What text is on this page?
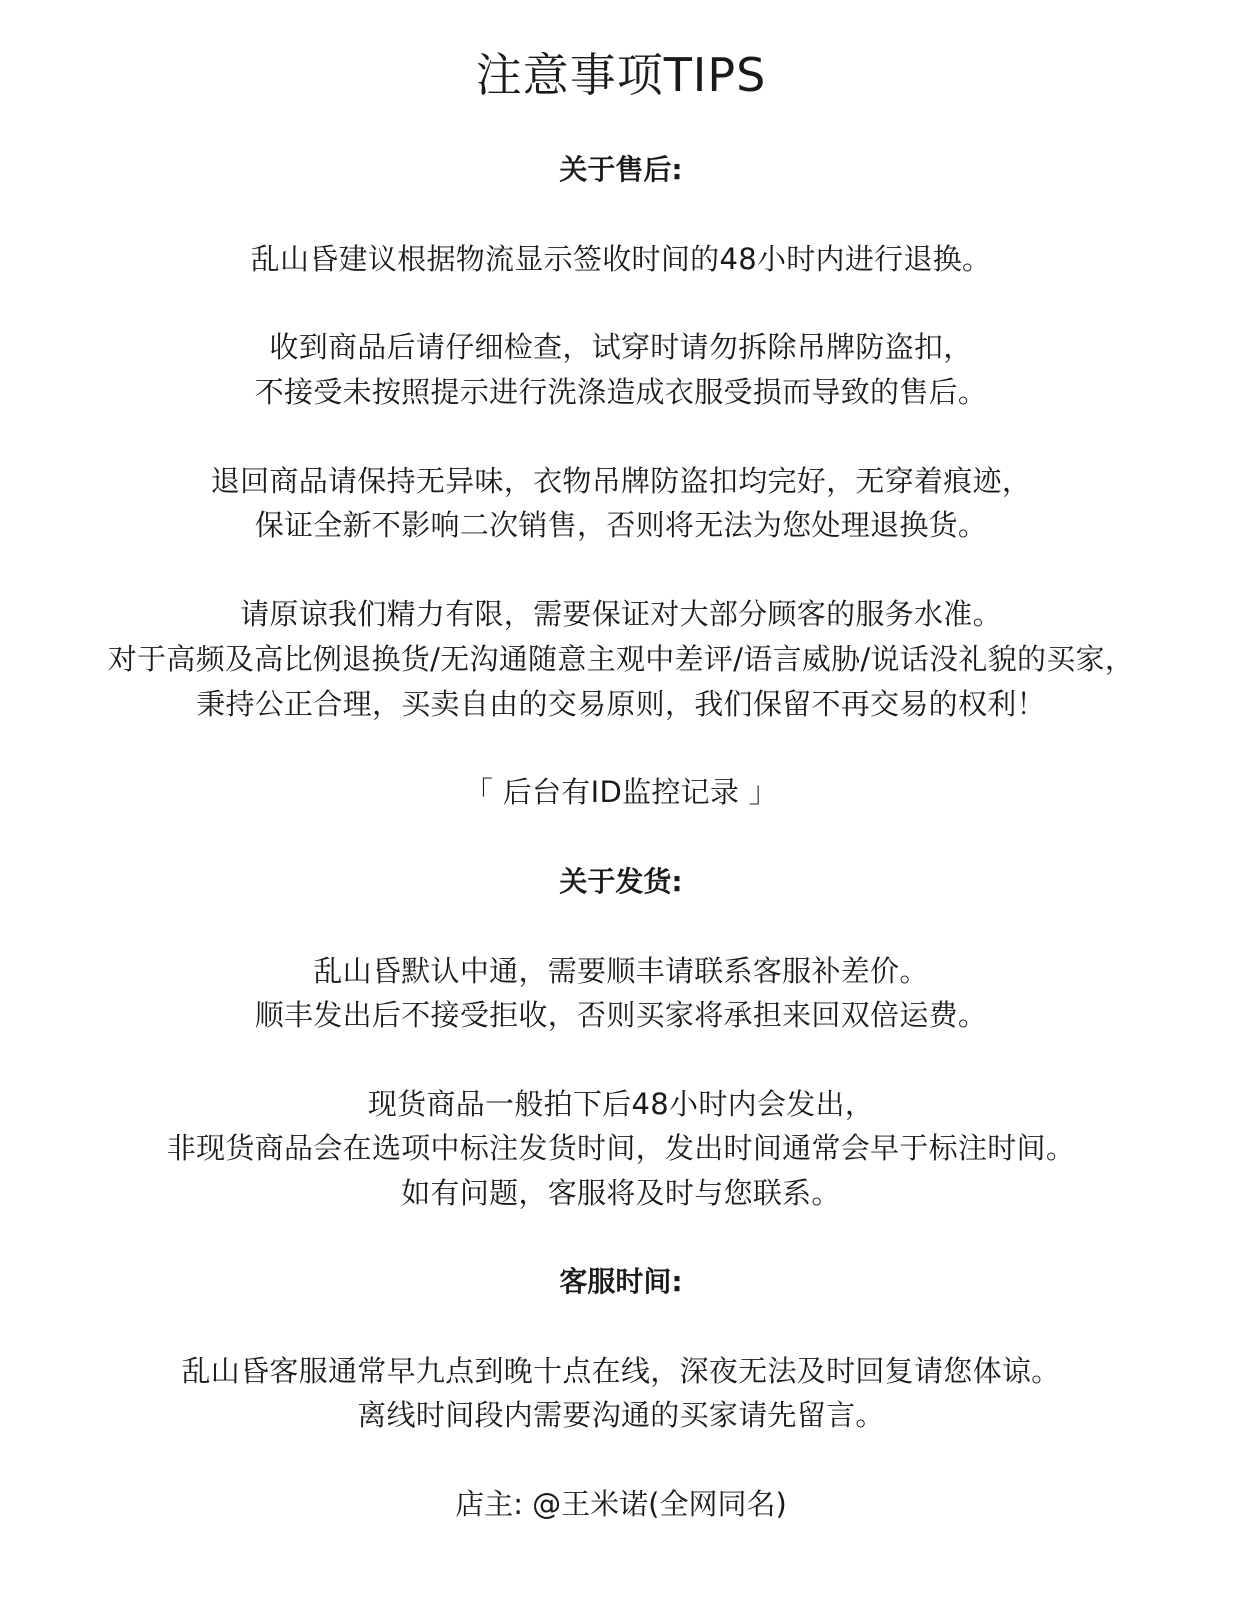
注意事项TIPS
关于售后:
乱山昏建议根据物流显示签收时间的48小时内进行退换。
收到商品后请仔细检查，试穿时请勿拆除吊牌防盗扣，
不接受未按照提示进行洗涤造成衣服受损而导致的售后。
退回商品请保持无异味，衣物吊牌防盗扣均完好，无穿着痕迹，
保证全新不影响二次销售，否则将无法为您处理退换货。
请原谅我们精力有限，需要保证对大部分顾客的服务水准。
对于高频及高比例退换货/无沟通随意主观中差评/语言威胁/说话没礼貌的买家，
秉持公正合理，买卖自由的交易原则，我们保留不再交易的权利！
「 后台有ID监控记录 」
关于发货:
乱山昏默认中通，需要顺丰请联系客服补差价。
顺丰发出后不接受拒收，否则买家将承担来回双倍运费。
现货商品一般拍下后48小时内会发出，
非现货商品会在选项中标注发货时间，发出时间通常会早于标注时间。
如有问题，客服将及时与您联系。
客服时间:
乱山昏客服通常早九点到晚十点在线，深夜无法及时回复请您体谅。
离线时间段内需要沟通的买家请先留言。
店主: @王米诺(全网同名)
